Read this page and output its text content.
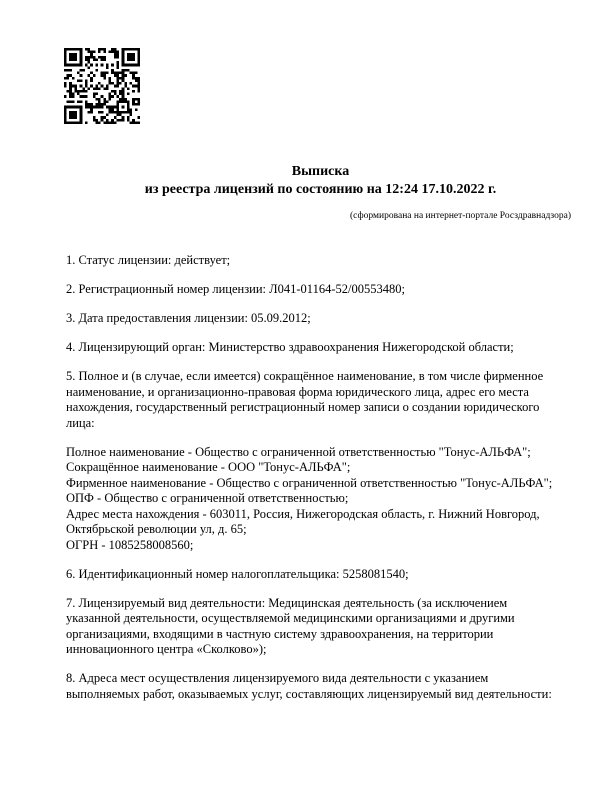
Выписка
из реестра лицензий по состоянию на 12:24 17.10.2022 г.
(сформирована на интернет-портале Росздравнадзора)

1. Статус лицензии: действует;

2. Регистрационный номер лицензии: Л041-01164-52/00553480;

3. Дата предоставления лицензии: 05.09.2012;

4. Лицензирующий орган: Министерство здравоохранения Нижегородской области;

5. Полное и (в случае, если имеется) сокращённое наименование, в том числе фирменное наименование, и организационно-правовая форма юридического лица, адрес его места нахождения, государственный регистрационный номер записи о создании юридического лица:

Полное наименование - Общество с ограниченной ответственностью "Тонус-АЛЬФА";
Сокращённое наименование - ООО "Тонус-АЛЬФА";
Фирменное наименование - Общество с ограниченной ответственностью "Тонус-АЛЬФА";
ОПФ - Общество с ограниченной ответственностью;
Адрес места нахождения - 603011, Россия, Нижегородская область, г. Нижний Новгород, Октябрьской революции ул, д. 65;
ОГРН - 1085258008560;

6. Идентификационный номер налогоплательщика: 5258081540;

7. Лицензируемый вид деятельности: Медицинская деятельность (за исключением указанной деятельности, осуществляемой медицинскими организациями и другими организациями, входящими в частную систему здравоохранения, на территории инновационного центра «Сколково»);

8. Адреса мест осуществления лицензируемого вида деятельности с указанием выполняемых работ, оказываемых услуг, составляющих лицензируемый вид деятельности:
